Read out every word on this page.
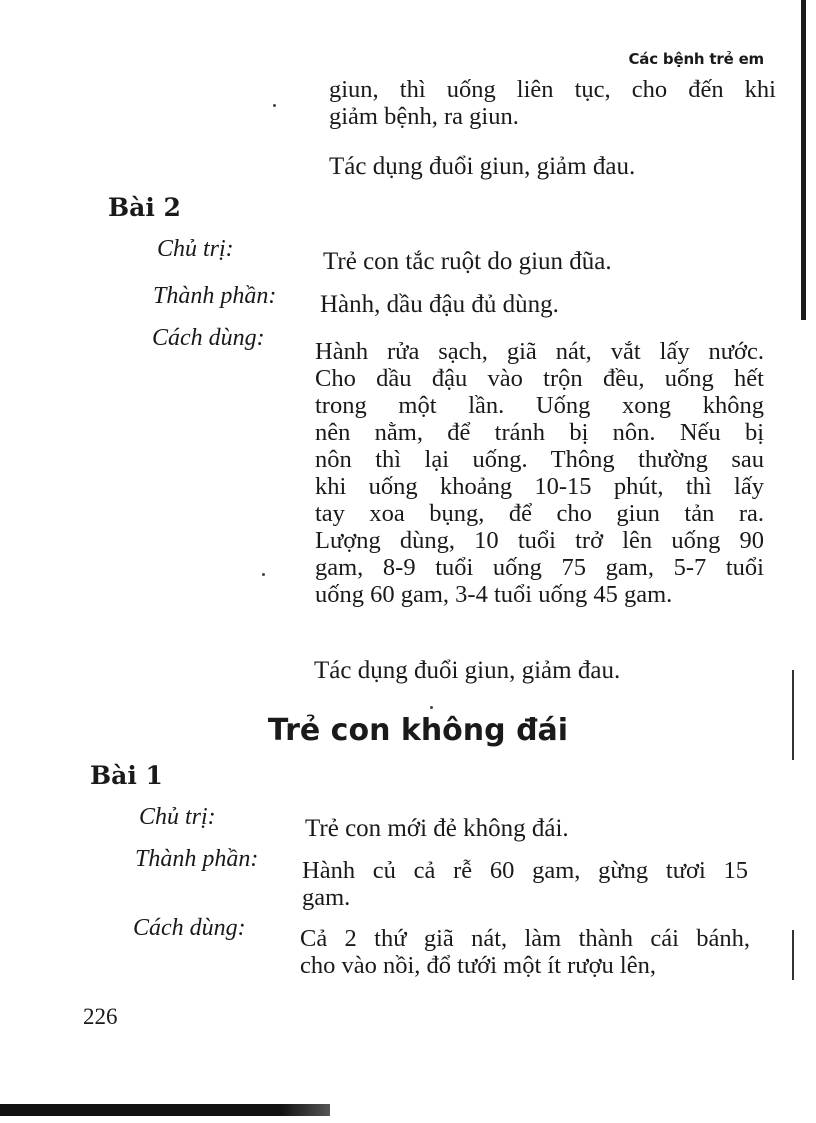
Các bệnh trẻ em
giun, thì uống liên tục, cho đến khi
giảm bệnh, ra giun.

Tác dụng đuổi giun, giảm đau.

Bài 2

Chủ trị:	Trẻ con tắc ruột do giun đũa.

Thành phần: Hành, dầu đậu đủ dùng.

Cách dùng: Hành rửa sạch, giã nát, vắt lấy nước.
Cho dầu đậu vào trộn đều, uống hết
trong một lần. Uống xong không
nên nằm, để tránh bị nôn. Nếu bị
nôn thì lại uống. Thông thường sau
khi uống khoảng 10-15 phút, thì lấy
tay xoa bụng, để cho giun tản ra.
Lượng dùng, 10 tuổi trở lên uống 90
gam, 8-9 tuổi uống 75 gam, 5-7 tuổi
uống 60 gam, 3-4 tuổi uống 45 gam.

Tác dụng đuổi giun, giảm đau.

Trẻ con không đái
Bài 1

Chủ trị:	Trẻ con mới đẻ không đái.

Thành phần: Hành củ cả rễ 60 gam, gừng tươi 15
gam.

Cách dùng: Cả 2 thứ giã nát, làm thành cái bánh,
cho vào nồi, đổ tưới một ít rượu lên,
226
